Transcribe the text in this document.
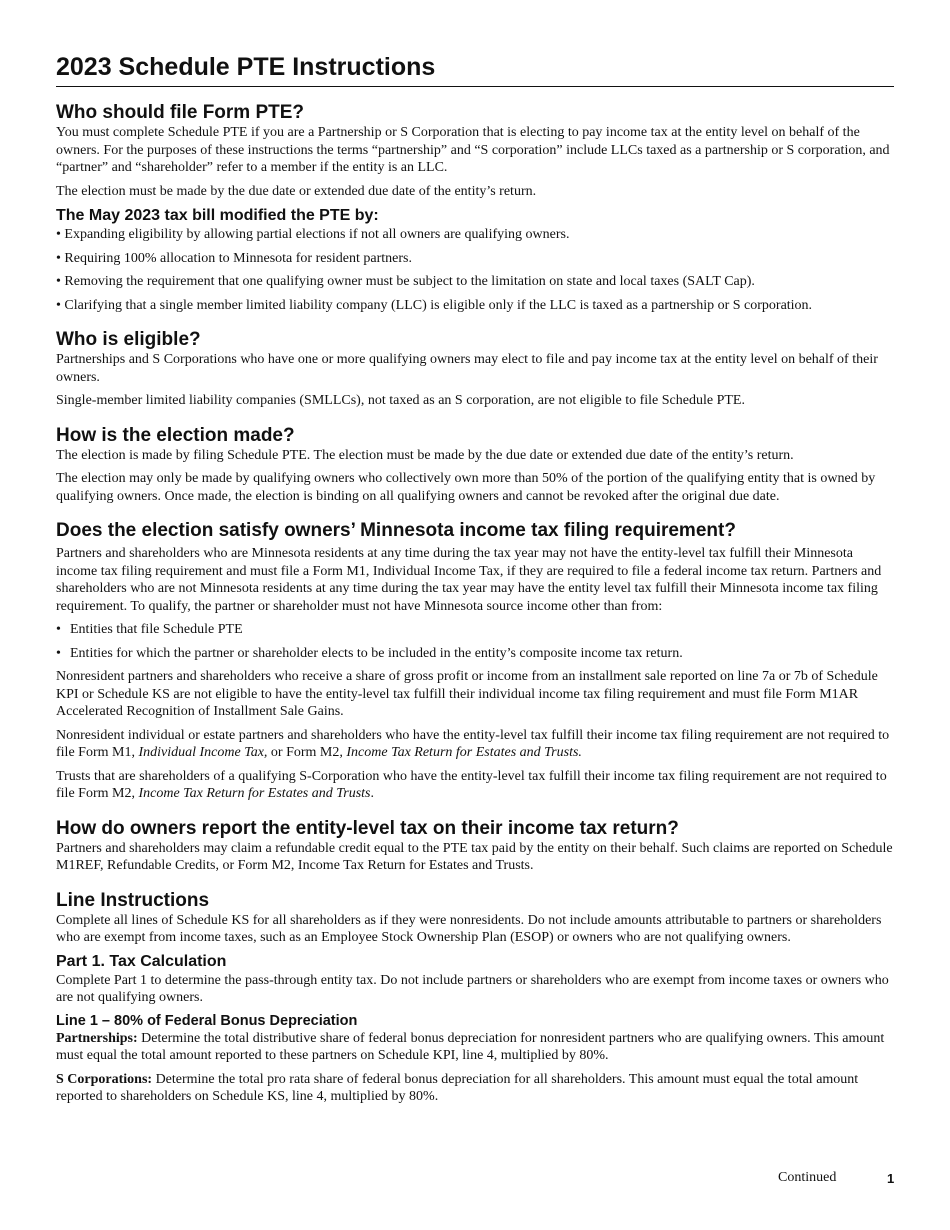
2023 Schedule PTE Instructions
Who should file Form PTE?

You must complete Schedule PTE if you are a Partnership or S Corporation that is electing to pay income tax at the entity level on behalf of the owners. For the purposes of these instructions the terms “partnership” and “S corporation” include LLCs taxed as a partnership or S corporation, and “partner” and “shareholder” refer to a member if the entity is an LLC.

The election must be made by the due date or extended due date of the entity’s return.

The May 2023 tax bill modified the PTE by:

• Expanding eligibility by allowing partial elections if not all owners are qualifying owners.

• Requiring 100% allocation to Minnesota for resident partners.

• Removing the requirement that one qualifying owner must be subject to the limitation on state and local taxes (SALT Cap).

• Clarifying that a single member limited liability company (LLC) is eligible only if the LLC is taxed as a partnership or S corporation.

Who is eligible?

Partnerships and S Corporations who have one or more qualifying owners may elect to file and pay income tax at the entity level on behalf of their owners.

Single-member limited liability companies (SMLLCs), not taxed as an S corporation, are not eligible to file Schedule PTE.

How is the election made?

The election is made by filing Schedule PTE. The election must be made by the due date or extended due date of the entity’s return.

The election may only be made by qualifying owners who collectively own more than 50% of the portion of the qualifying entity that is owned by qualifying owners. Once made, the election is binding on all qualifying owners and cannot be revoked after the original due date.

Does the election satisfy owners’ Minnesota income tax filing requirement?

Partners and shareholders who are Minnesota residents at any time during the tax year may not have the entity-level tax fulfill their Minnesota income tax filing requirement and must file a Form M1, Individual Income Tax, if they are required to file a federal income tax return. Partners and shareholders who are not Minnesota residents at any time during the tax year may have the entity level tax fulfill their Minnesota income tax filing requirement. To qualify, the partner or shareholder must not have Minnesota source income other than from:

• Entities that file Schedule PTE

• Entities for which the partner or shareholder elects to be included in the entity’s composite income tax return.

Nonresident partners and shareholders who receive a share of gross profit or income from an installment sale reported on line 7a or 7b of Schedule KPI or Schedule KS are not eligible to have the entity-level tax fulfill their individual income tax filing requirement and must file Form M1AR Accelerated Recognition of Installment Sale Gains.

Nonresident individual or estate partners and shareholders who have the entity-level tax fulfill their income tax filing requirement are not required to file Form M1, Individual Income Tax, or Form M2, Income Tax Return for Estates and Trusts.

Trusts that are shareholders of a qualifying S-Corporation who have the entity-level tax fulfill their income tax filing requirement are not required to file Form M2, Income Tax Return for Estates and Trusts.

How do owners report the entity-level tax on their income tax return?

Partners and shareholders may claim a refundable credit equal to the PTE tax paid by the entity on their behalf. Such claims are reported on Schedule M1REF, Refundable Credits, or Form M2, Income Tax Return for Estates and Trusts.

Line Instructions

Complete all lines of Schedule KS for all shareholders as if they were nonresidents. Do not include amounts attributable to partners or shareholders who are exempt from income taxes, such as an Employee Stock Ownership Plan (ESOP) or owners who are not qualifying owners.

Part 1. Tax Calculation

Complete Part 1 to determine the pass-through entity tax. Do not include partners or shareholders who are exempt from income taxes or owners who are not qualifying owners.

Line 1 – 80% of Federal Bonus Depreciation

Partnerships: Determine the total distributive share of federal bonus depreciation for nonresident partners who are qualifying owners. This amount must equal the total amount reported to these partners on Schedule KPI, line 4, multiplied by 80%.

S Corporations: Determine the total pro rata share of federal bonus depreciation for all shareholders. This amount must equal the total amount reported to shareholders on Schedule KS, line 4, multiplied by 80%.

Continued	1
